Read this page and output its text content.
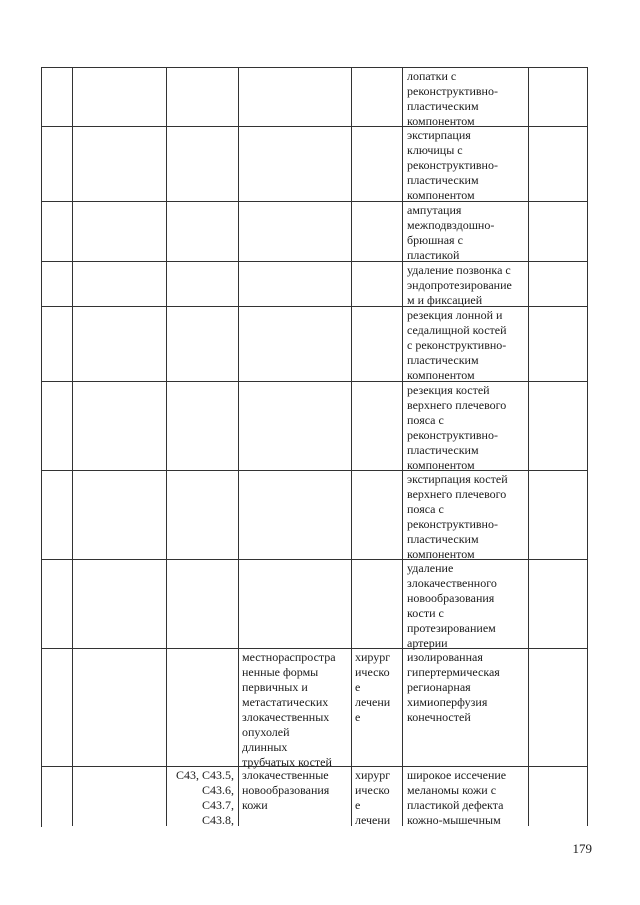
лопатки с
реконструктивно-
пластическим
компонентом
экстирпация
ключицы с
реконструктивно-
пластическим
компонентом
ампутация
межподвздошно-
брюшная с
пластикой
удаление позвонка с
эндопротезирование
м и фиксацией
резекция лонной и
седалищной костей
с реконструктивно-
пластическим
компонентом
резекция костей
верхнего плечевого
пояса с
реконструктивно-
пластическим
компонентом
экстирпация костей
верхнего плечевого
пояса с
реконструктивно-
пластическим
компонентом
удаление
злокачественного
новообразования
кости с
протезированием
артерии
местнораспростра
ненные формы
первичных и
метастатических
злокачественных
опухолей
длинных
трубчатых костей
хирург
ическо
е
лечени
е
изолированная
гипертермическая
регионарная
химиоперфузия
конечностей
C43, C43.5,
C43.6,
C43.7,
C43.8,
злокачественные
новообразования
кожи
хирург
ическо
е
лечени
широкое иссечение
меланомы кожи с
пластикой дефекта
кожно-мышечным
179
